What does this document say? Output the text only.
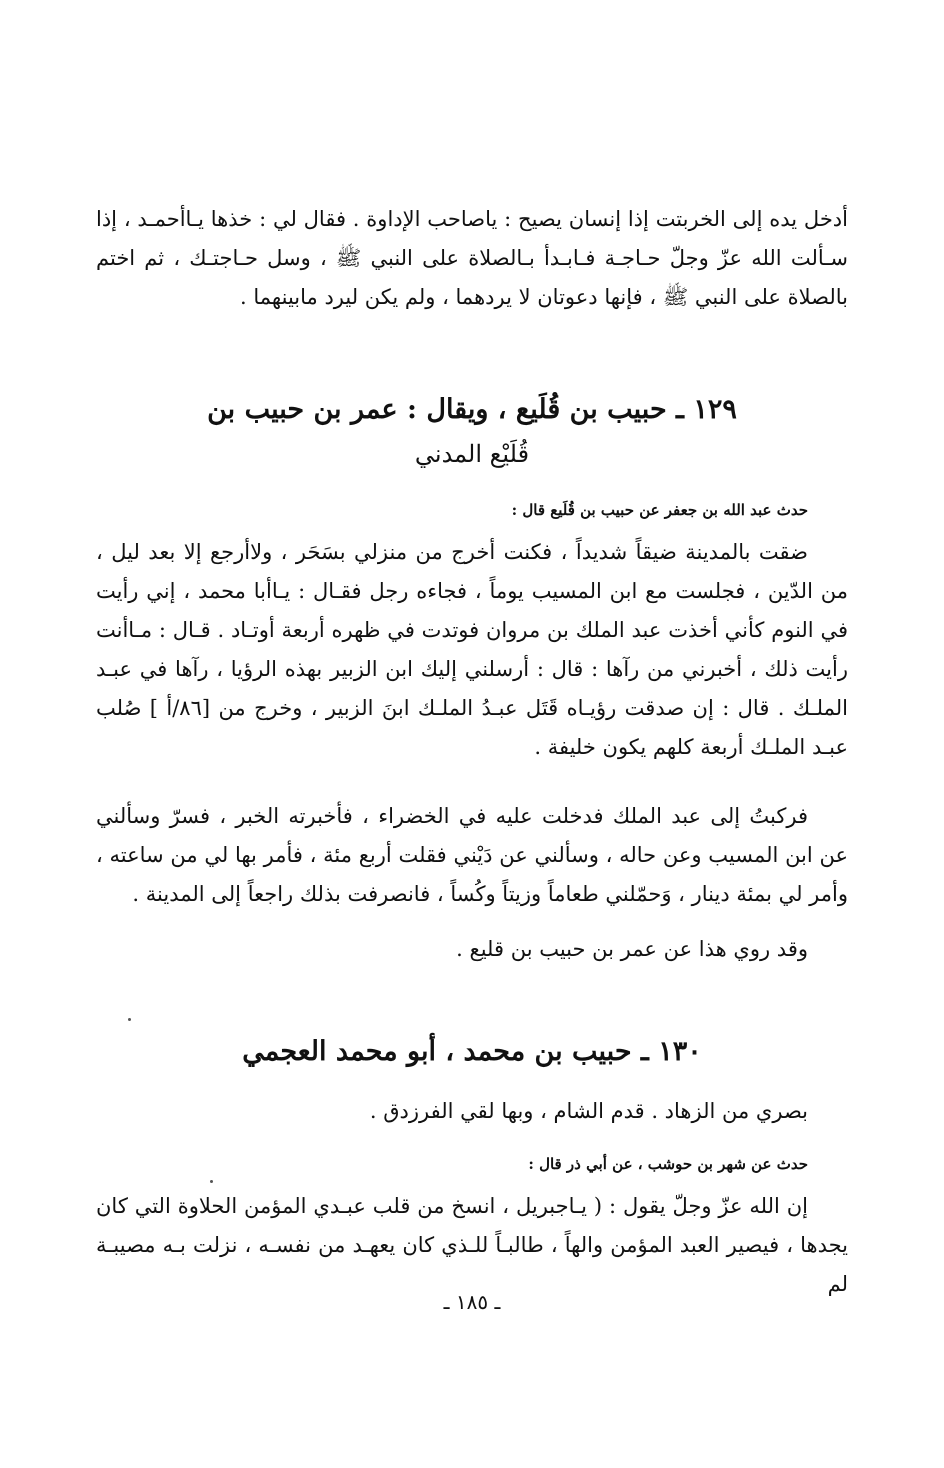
أدخل يده إلى الخربتت إذا إنسان يصيح : ياصاحب الإداوة . فقال لي : خذها يـاأحمـد ، إذا سـألت الله عزّ وجلّ حـاجـة فـابـدأ بـالصلاة على النبي ﷺ ، وسل حـاجتـك ، ثم اختم بالصلاة على النبي ﷺ ، فإنها دعوتان لا يردهما ، ولم يكن ليرد مابينهما .

١٢٩ ـ حبيب بن قُلَيع ، ويقال : عمر بن حبيب بن
قُلَيْع المدني

حدث عبد الله بن جعفر عن حبيب بن قُلَيع قال :

ضقت بالمدينة ضيقاً شديداً ، فكنت أخرج من منزلي بسَحَر ، ولاأرجع إلا بعد ليل ، من الدّين ، فجلست مع ابن المسيب يوماً ، فجاءه رجل فقـال : يـاأبا محمد ، إني رأيت في النوم كأني أخذت عبد الملك بن مروان فوتدت في ظهره أربعة أوتـاد . قـال : مـاأنت رأيت ذلك ، أخبرني من رآها : قال : أرسلني إليك ابن الزبير بهذه الرؤيا ، رآها في عبـد الملـك . قال : إن صدقت رؤيـاه قَتَل عبـدُ الملـك ابنَ الزبير ، وخرج من [٨٦/أ ] صُلب عبـد الملـك أربعة كلهم يكون خليفة .

فركبتُ إلى عبد الملك فدخلت عليه في الخضراء ، فأخبرته الخبر ، فسرّ وسألني عن ابن المسيب وعن حاله ، وسألني عن دَيْني فقلت أربع مئة ، فأمر بها لي من ساعته ، وأمر لي بمئة دينار ، وَحمّلني طعاماً وزيتاً وكُساً ، فانصرفت بذلك راجعاً إلى المدينة .

وقد روي هذا عن عمر بن حبيب بن قليع .

١٣٠ ـ حبيب بن محمد ، أبو محمد العجمي

بصري من الزهاد . قدم الشام ، وبها لقي الفرزدق .

حدث عن شهر بن حوشب ، عن أبي ذر قال :

إن الله عزّ وجلّ يقول : ( يـاجبريل ، انسخ من قلب عبـدي المؤمن الحلاوة التي كان يجدها ، فيصير العبد المؤمن والهاً ، طالبـاً للـذي كان يعهـد من نفسـه ، نزلت بـه مصيبـة لم

ـ ١٨٥ ـ
